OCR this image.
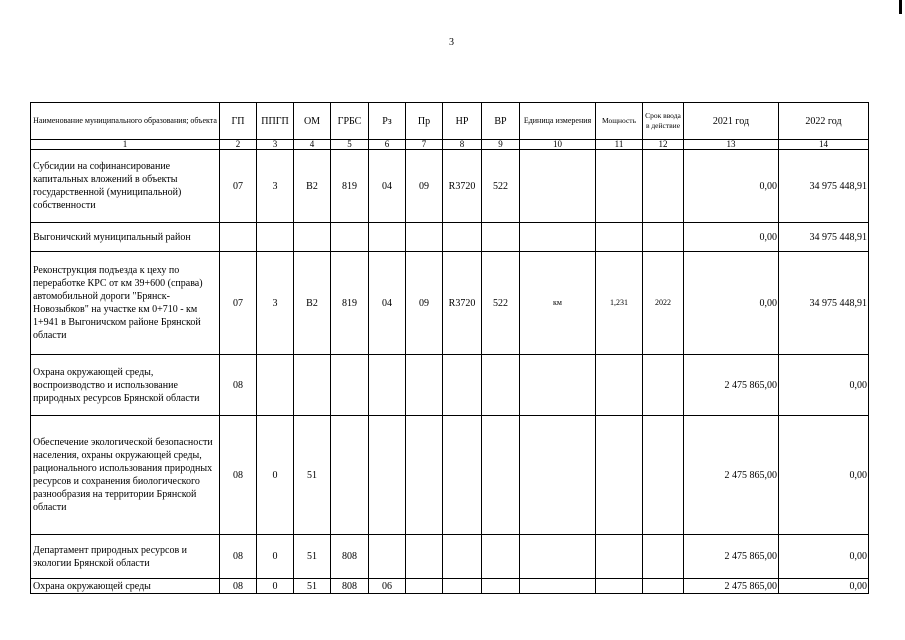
3
Наименование муниципального образования; объекта	ГП	ППГП	ОМ	ГРБС	Рз	Пр	НР	ВР	Единица измерения	Мощность	Срок ввода в действие	2021 год	2022 год
1	2	3	4	5	6	7	8	9	10	11	12	13	14
Субсидии на софинансирование капитальных вложений в объекты государственной (муниципальной) собственности	07	3	В2	819	04	09	R3720	522				0,00	34 975 448,91
Выгоничский муниципальный район												0,00	34 975 448,91
Реконструкция подъезда к цеху по переработке КРС от км 39+600 (справа) автомобильной дороги "Брянск-Новозыбков" на участке км 0+710 - км 1+941 в Выгоничском районе Брянской области	07	3	В2	819	04	09	R3720	522	км	1,231	2022	0,00	34 975 448,91
Охрана окружающей среды, воспроизводство и использование природных ресурсов Брянской области	08											2 475 865,00	0,00
Обеспечение экологической безопасности населения, охраны окружающей среды, рационального использования природных ресурсов и сохранения биологического разнообразия на территории Брянской области	08	0	51									2 475 865,00	0,00
Департамент природных ресурсов и экологии Брянской области	08	0	51	808								2 475 865,00	0,00
Охрана окружающей среды	08	0	51	808	06							2 475 865,00	0,00
